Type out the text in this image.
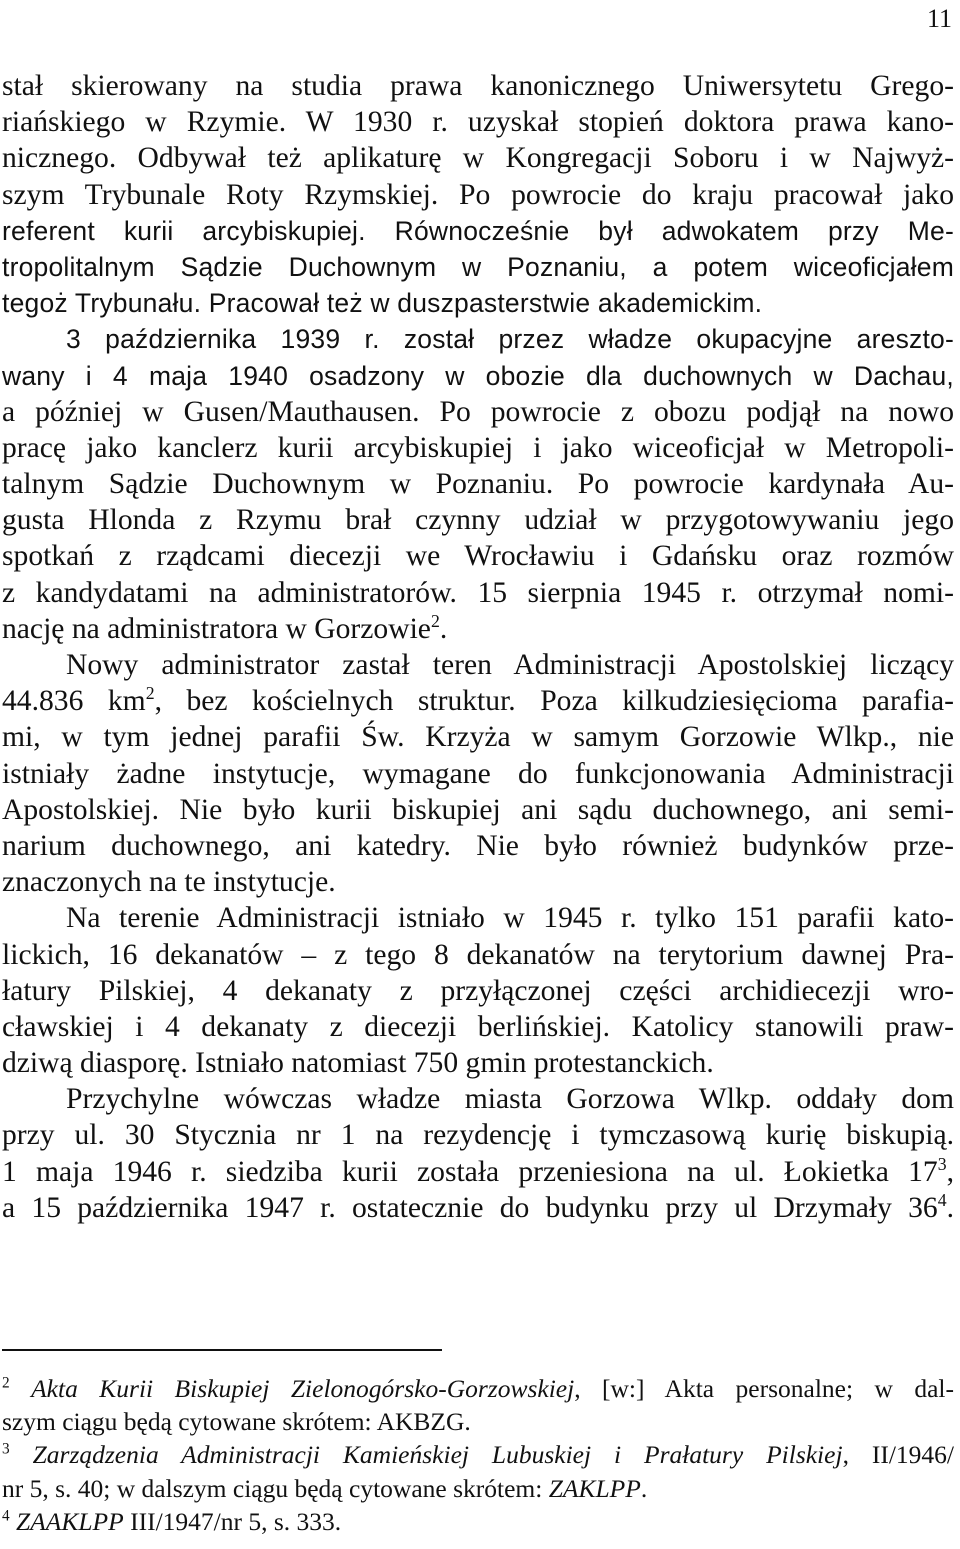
11
stał skierowany na studia prawa kanonicznego Uniwersytetu Grego-
riańskiego w Rzymie. W 1930 r. uzyskał stopień doktora prawa kano-
nicznego. Odbywał też aplikaturę w Kongregacji Soboru i w Najwyż-
szym Trybunale Roty Rzymskiej. Po powrocie do kraju pracował jako
referent kurii arcybiskupiej. Równocześnie był adwokatem przy Me-
tropolitalnym Sądzie Duchownym w Poznaniu, a potem wiceoficjałem
tegoż Trybunału. Pracował też w duszpasterstwie akademickim.
3 października 1939 r. został przez władze okupacyjne areszto-
wany i 4 maja 1940 osadzony w obozie dla duchownych w Dachau,
a później w Gusen/Mauthausen. Po powrocie z obozu podjął na nowo
pracę jako kanclerz kurii arcybiskupiej i jako wiceoficjał w Metropoli-
talnym Sądzie Duchownym w Poznaniu. Po powrocie kardynała Au-
gusta Hlonda z Rzymu brał czynny udział w przygotowywaniu jego
spotkań z rządcami diecezji we Wrocławiu i Gdańsku oraz rozmów
z kandydatami na administratorów. 15 sierpnia 1945 r. otrzymał nomi-
nację na administratora w Gorzowie$^2$.
Nowy administrator zastał teren Administracji Apostolskiej liczący
44.836 $km^2$, bez kościelnych struktur. Poza kilkudziesięcioma parafia-
mi, w tym jednej parafii Św. Krzyża w samym Gorzowie Wlkp., nie
istniały żadne instytucje, wymagane do funkcjonowania Administracji
Apostolskiej. Nie było kurii biskupiej ani sądu duchownego, ani semi-
narium duchownego, ani katedry. Nie było również budynków prze-
znaczonych na te instytucje.
Na terenie Administracji istniało w 1945 r. tylko 151 parafii kato-
lickich, 16 dekanatów – z tego 8 dekanatów na terytorium dawnej Pra-
łatury Pilskiej, 4 dekanaty z przyłączonej części archidiecezji wro-
cławskiej i 4 dekanaty z diecezji berlińskiej. Katolicy stanowili praw-
dziwą diasporę. Istniało natomiast 750 gmin protestanckich.
Przychylne wówczas władze miasta Gorzowa Wlkp. oddały dom
przy ul. 30 Stycznia nr 1 na rezydencję i tymczasową kurię biskupią.
1 maja 1946 r. siedziba kurii została przeniesiona na ul. Łokietka $17^3$,
a 15 października 1947 r. ostatecznie do budynku przy ul Drzymały $36^4$.
$^2$ Akta Kurii Biskupiej Zielonogórsko-Gorzowskiej, [w:] Akta personalne; w dal-
szym ciągu będą cytowane skrótem: AKBZG.
$^3$ Zarządzenia Administracji Kamieńskiej Lubuskiej i Prałatury Pilskiej, II/1946/
nr 5, s. 40; w dalszym ciągu będą cytowane skrótem: ZAKLPP.
$^4$ ZAAKLPP III/1947/nr 5, s. 333.
